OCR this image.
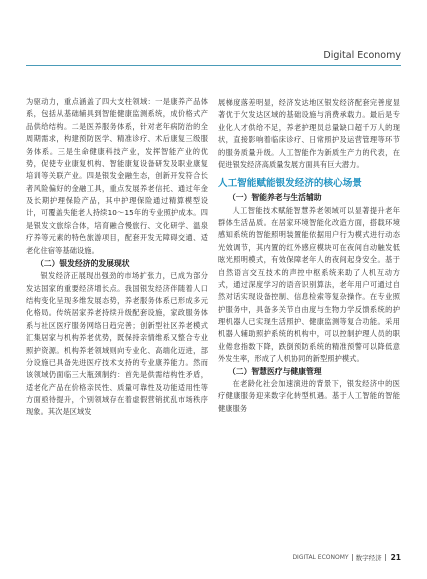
Digital Economy

为驱动力，重点涵盖了四大支柱领域：一是康养产品体系，包括从基础辅具到智能健康监测系统，成价格式产品供给结构。二是医养服务体系，针对老年病防治的全周期需求，构建预防医学、精准诊疗、术后康复三级服务体系。三是生命健康科技产业，发挥智能产业的优势，促使专业康复机构、智能康复设备研发及职业康复培训等关联产业。四是银发金融生态，创新开发符合长者风险偏好的金融工具，重点发展养老信托、通过年金及长期护理保险产品，其中护理保险通过精算模型设计，可覆盖失能老人持续10～15年的专业照护成本。四是银发文旅综合体，培育融合慢旅行、文化研学、温泉疗养等元素的特色旅游项目，配套开发无障碍交通、适老化住宿等基础设施。

（二）银发经济的发展现状

银发经济正展现出强劲的市场扩张力，已成为部分发达国家的重要经济增长点。我国银发经济伴随着人口结构变化呈现多维发展态势，养老服务体系已形成多元化格局。传统居家养老持续升级配套设施，家政服务体系与社区医疗服务网络日趋完善；创新型社区养老模式汇集居家与机构养老优势，既保持亲情维系又整合专业照护资源。机构养老领域则向专业化、高端化迈进，部分设施已具备先进医疗技术支持的专业康养能力。然而该领域仍面临三大瓶颈制约：首先是供需结构性矛盾，适老化产品在价格亲民性、质量可靠性及功能适用性等方面亟待提升，个别领域存在着虚假营销扰乱市场秩序现象。其次是区域发

展梯度落差明显，经济发达地区银发经济配套完善度显著优于欠发达区域的基础设施与消费承载力。最后是专业化人才供给不足，养老护理员总量缺口超千万人的现状，直接影响着临床诊疗、日常照护及运营管理等环节的服务质量升级。人工智能作为新质生产力的代表，在促进银发经济高质量发展方面具有巨大潜力。

人工智能赋能银发经济的核心场景

（一）智能养老与生活辅助

人工智能技术赋能智慧养老领域可以显著提升老年群体生活品质。在居家环境智能化改造方面，搭载环境感知系统的智能照明装置能依据用户行为模式进行动态光效调节，其内置的红外感应模块可在夜间自动触发低眩光照明模式，有效保障老年人的夜间起身安全。基于自然语言交互技术的声控中枢系统来助了人机互动方式，通过深度学习的语音识别算法，老年用户可通过自然对话实现设备控制、信息检索等复杂操作。在专业照护服务中，具备多关节自由度与生物力学反馈系统的护理机器人已实现生活照护、健康监测等复合功能。采用机器人辅助照护系统的机构中，可以控制护理人员的职业倦怠指数下降，跌倒预防系统的精准预警可以降低意外发生率，形成了人机协同的新型照护模式。

（二）智慧医疗与健康管理

在老龄化社会加速演进的背景下，银发经济中的医疗健康服务迎来数字化转型机遇。基于人工智能的智能健康服务

DIGITAL ECONOMY 数字经济 21
